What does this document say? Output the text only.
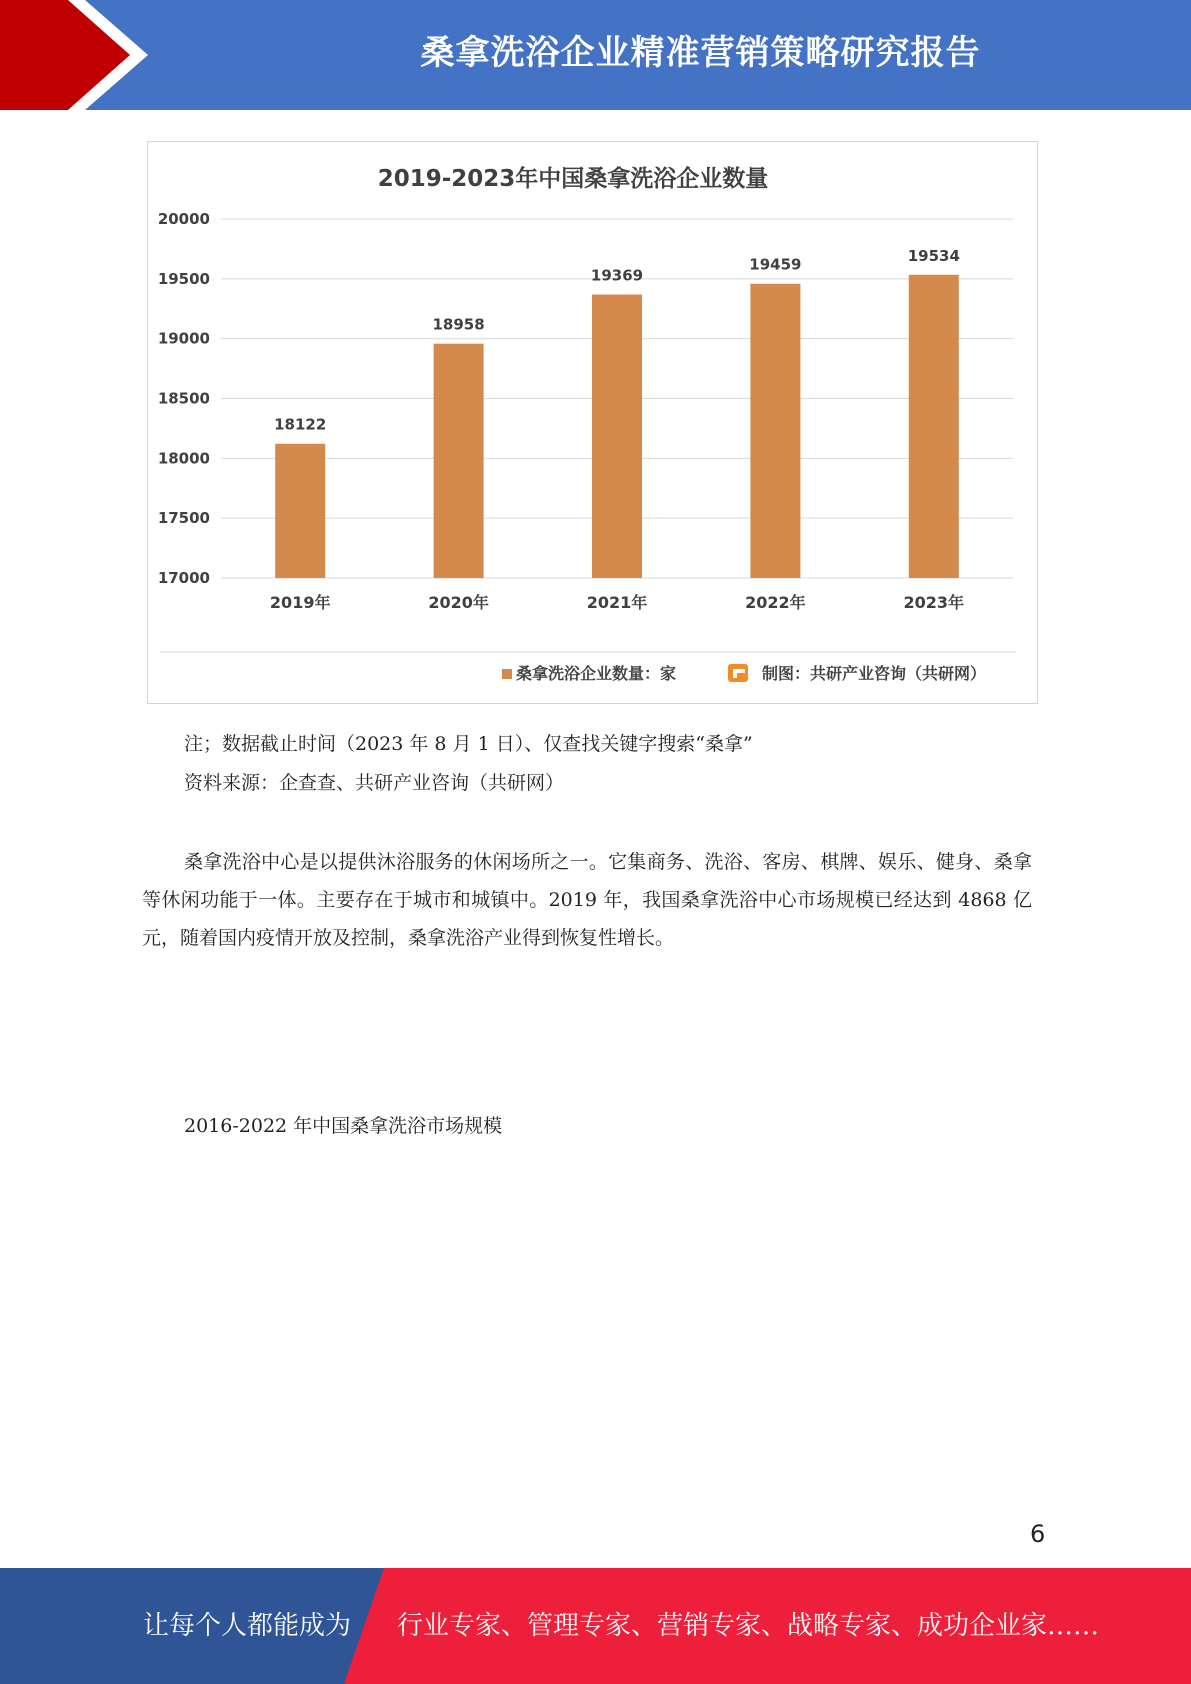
桑拿洗浴企业精准营销策略研究报告
2019-2023年中国桑拿洗浴企业数量
20000
19500
19000
18500
18000
17500
17000
18122
2019年
18958
2020年
19369
2021年
19459
2022年
19534
2023年
桑拿洗浴企业数量：家	制图：共研产业咨询（共研网）
注；数据截止时间（2023 年 8 月 1 日）、仅查找关键字搜索“桑拿”
资料来源：企查查、共研产业咨询（共研网）
桑拿洗浴中心是以提供沐浴服务的休闲场所之一。它集商务、洗浴、客房、棋牌、娱乐、健身、桑拿等休闲功能于一体。主要存在于城市和城镇中。2019 年，我国桑拿洗浴中心市场规模已经达到 4868 亿元，随着国内疫情开放及控制，桑拿洗浴产业得到恢复性增长。
2016-2022 年中国桑拿洗浴市场规模
6
让每个人都能成为 行业专家、管理专家、营销专家、战略专家、成功企业家……
